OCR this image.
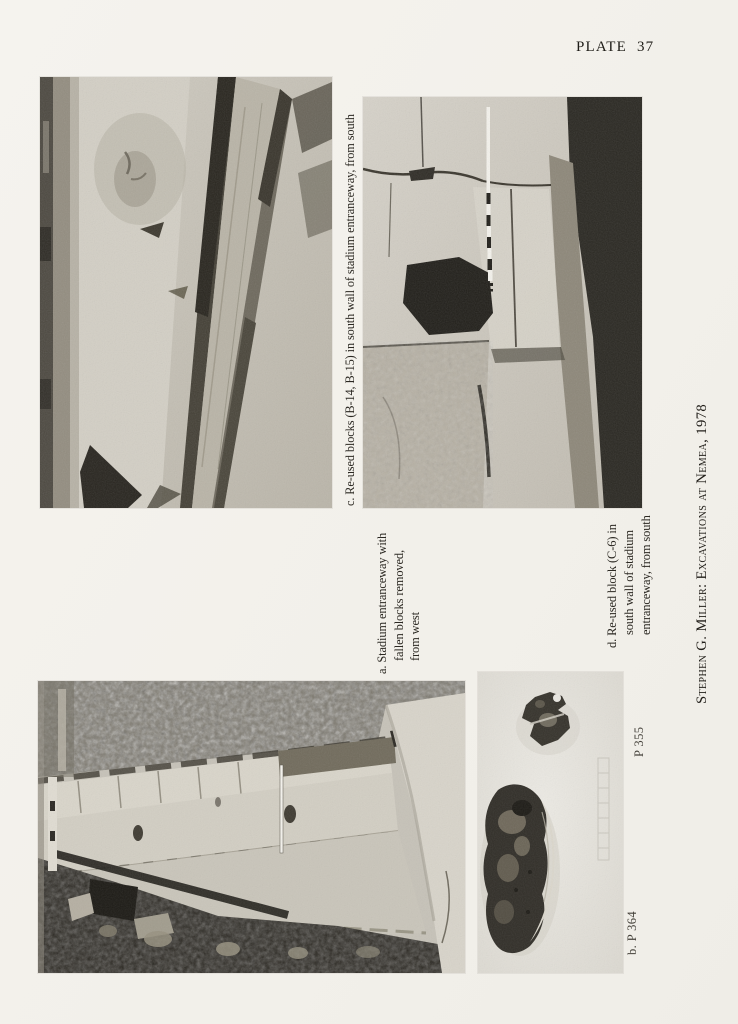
PLATE 37
c. Re-used blocks (B-14, B-15) in south wall of stadium entranceway, from south
a. Stadium entranceway with fallen blocks removed, from west	d. Re-used block (C-6) in south wall of stadium entranceway, from south
P 355
b. P 364
Stephen G. Miller: Excavations at Nemea, 1978
